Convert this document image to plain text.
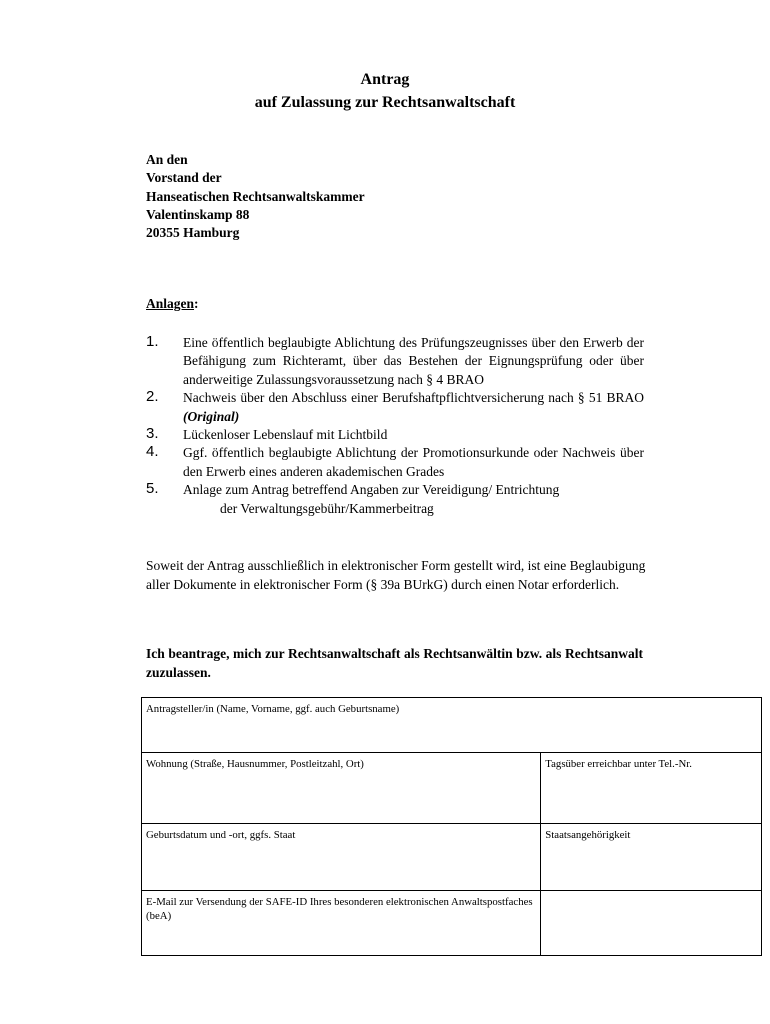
Antrag
auf Zulassung zur Rechtsanwaltschaft
An den
Vorstand der
Hanseatischen Rechtsanwaltskammer
Valentinskamp 88
20355 Hamburg
Anlagen:
1. Eine öffentlich beglaubigte Ablichtung des Prüfungszeugnisses über den Erwerb der Befähigung zum Richteramt, über das Bestehen der Eignungsprüfung oder über anderweitige Zulassungsvoraussetzung nach § 4 BRAO
2. Nachweis über den Abschluss einer Berufshaftpflichtversicherung nach § 51 BRAO (Original)
3. Lückenloser Lebenslauf mit Lichtbild
4. Ggf. öffentlich beglaubigte Ablichtung der Promotionsurkunde oder Nachweis über den Erwerb eines anderen akademischen Grades
5. Anlage zum Antrag betreffend Angaben zur Vereidigung/ Entrichtung
der Verwaltungsgebühr/Kammerbeitrag
Soweit der Antrag ausschließlich in elektronischer Form gestellt wird, ist eine Beglaubigung aller Dokumente in elektronischer Form (§ 39a BUrkG) durch einen Notar erforderlich.
Ich beantrage, mich zur Rechtsanwaltschaft als Rechtsanwältin bzw. als Rechtsanwalt zuzulassen.
Antragsteller/in (Name, Vorname, ggf. auch Geburtsname)	
Wohnung (Straße, Hausnummer, Postleitzahl, Ort)	Tagsüber erreichbar unter Tel.-Nr.
Geburtsdatum und -ort, ggfs. Staat	Staatsangehörigkeit
E-Mail zur Versendung der SAFE-ID Ihres besonderen elektronischen Anwaltspostfaches (beA)	
